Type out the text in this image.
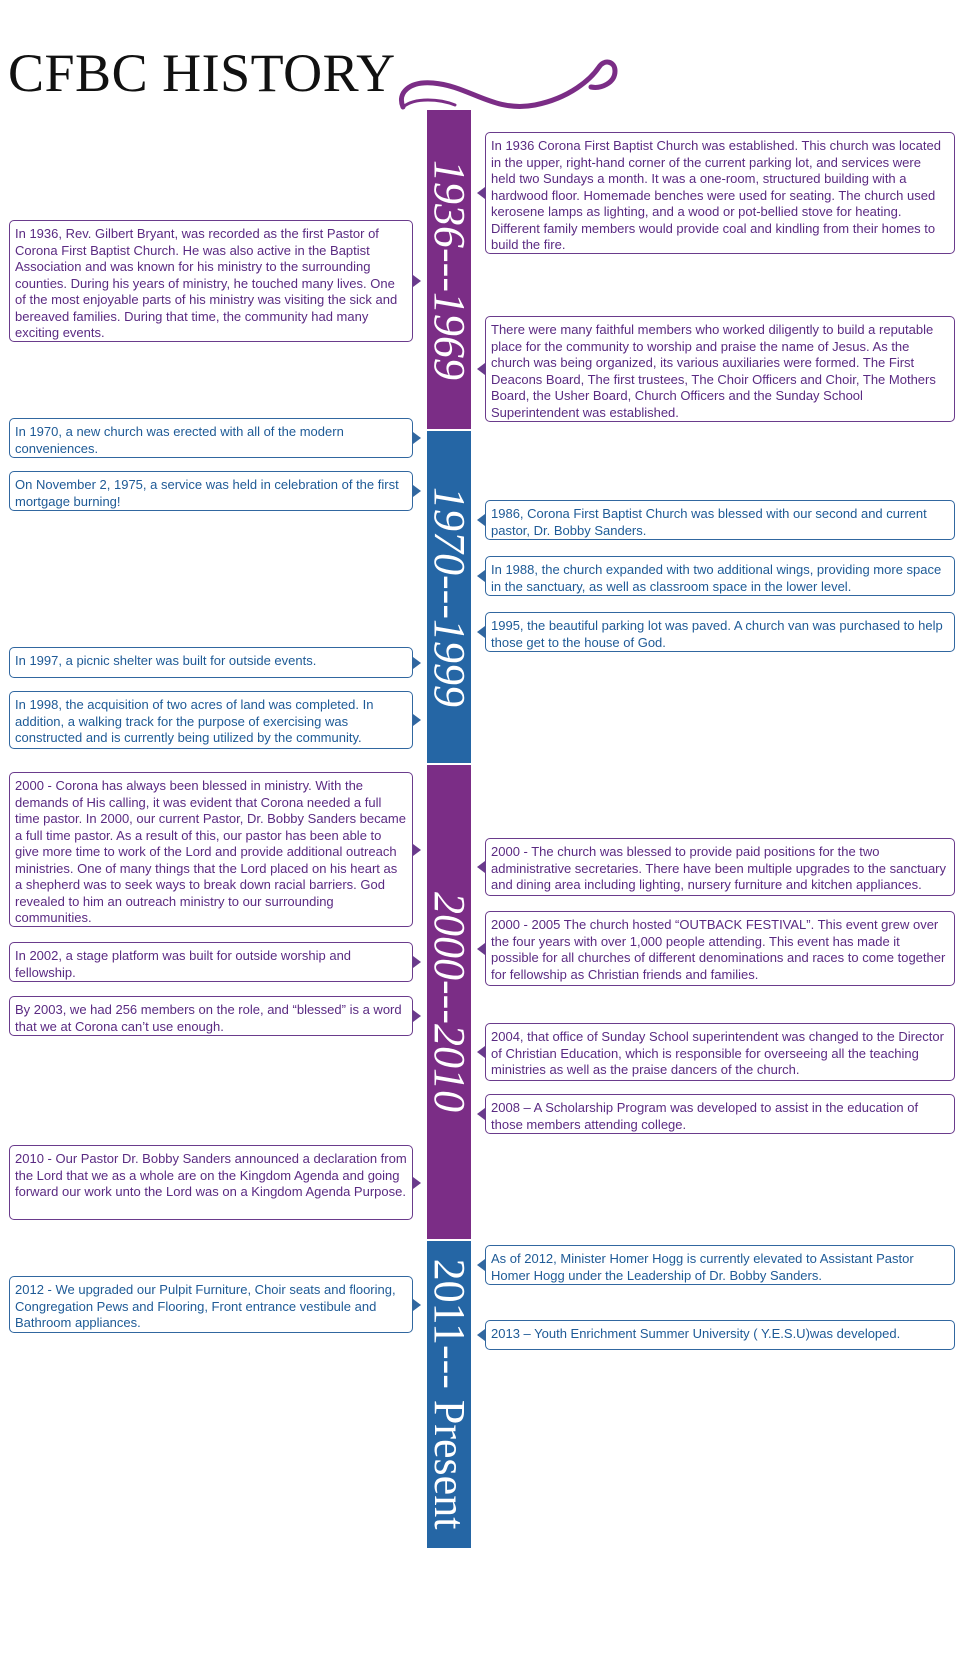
CFBC HISTORY
1936---1969
1970---1999
2000---2010
2011--- Present
In 1936 Corona First Baptist Church was established. This church was located in the upper, right-hand corner of the current parking lot, and services were held two Sundays a month. It was a one-room, structured building with a hardwood floor. Homemade benches were used for seating. The church used kerosene lamps as lighting, and a wood or pot-bellied stove for heating. Different family members would provide coal and kindling from their homes to build the fire.
In 1936, Rev. Gilbert Bryant, was recorded as the first Pastor of Corona First Baptist Church. He was also active in the Baptist Association and was known for his ministry to the surrounding counties. During his years of ministry, he touched many lives. One of the most enjoyable parts of his ministry was visiting the sick and bereaved families. During that time, the community had many exciting events.	There were many faithful members who worked diligently to build a reputable place for the community to worship and praise the name of Jesus. As the church was being organized, its various auxiliaries were formed. The First Deacons Board, The first trustees, The Choir Officers and Choir, The Mothers Board, the Usher Board, Church Officers and the Sunday School Superintendent was established.
In 1970, a new church was erected with all of the modern conveniences.
On November 2, 1975, a service was held in celebration of the first mortgage burning!
1986, Corona First Baptist Church was blessed with our second and current pastor, Dr. Bobby Sanders.
In 1988, the church expanded with two additional wings, providing more space in the sanctuary, as well as classroom space in the lower level.
1995, the beautiful parking lot was paved. A church van was purchased to help those get to the house of God.
In 1997, a picnic shelter was built for outside events.
In 1998, the acquisition of two acres of land was completed. In addition, a walking track for the purpose of exercising was constructed and is currently being utilized by the community.
2000 - Corona has always been blessed in ministry. With the demands of His calling, it was evident that Corona needed a full time pastor. In 2000, our current Pastor, Dr. Bobby Sanders became a full time pastor. As a result of this, our pastor has been able to give more time to work of the Lord and provide additional outreach ministries. One of many things that the Lord placed on his heart as a shepherd was to seek ways to break down racial barriers. God revealed to him an outreach ministry to our surrounding communities.
2000 - The church was blessed to provide paid positions for the two administrative secretaries. There have been multiple upgrades to the sanctuary and dining area including lighting, nursery furniture and kitchen appliances.
2000 - 2005 The church hosted “OUTBACK FESTIVAL”. This event grew over the four years with over 1,000 people attending. This event has made it possible for all churches of different denominations and races to come together for fellowship as Christian friends and families.
In 2002, a stage platform was built for outside worship and fellowship.
By 2003, we had 256 members on the role, and “blessed” is a word that we at Corona can’t use enough.
2004, that office of Sunday School superintendent was changed to the Director of Christian Education, which is responsible for overseeing all the teaching ministries as well as the praise dancers of the church.
2008 – A Scholarship Program was developed to assist in the education of those members attending college.
2010 - Our Pastor Dr. Bobby Sanders announced a declaration from the Lord that we as a whole are on the Kingdom Agenda and going forward our work unto the Lord was on a Kingdom Agenda Purpose.
As of 2012, Minister Homer Hogg is currently elevated to Assistant Pastor Homer Hogg under the Leadership of Dr. Bobby Sanders.
2012 - We upgraded our Pulpit Furniture, Choir seats and flooring, Congregation Pews and Flooring, Front entrance vestibule and Bathroom appliances.
2013 – Youth Enrichment Summer University ( Y.E.S.U)was developed.
